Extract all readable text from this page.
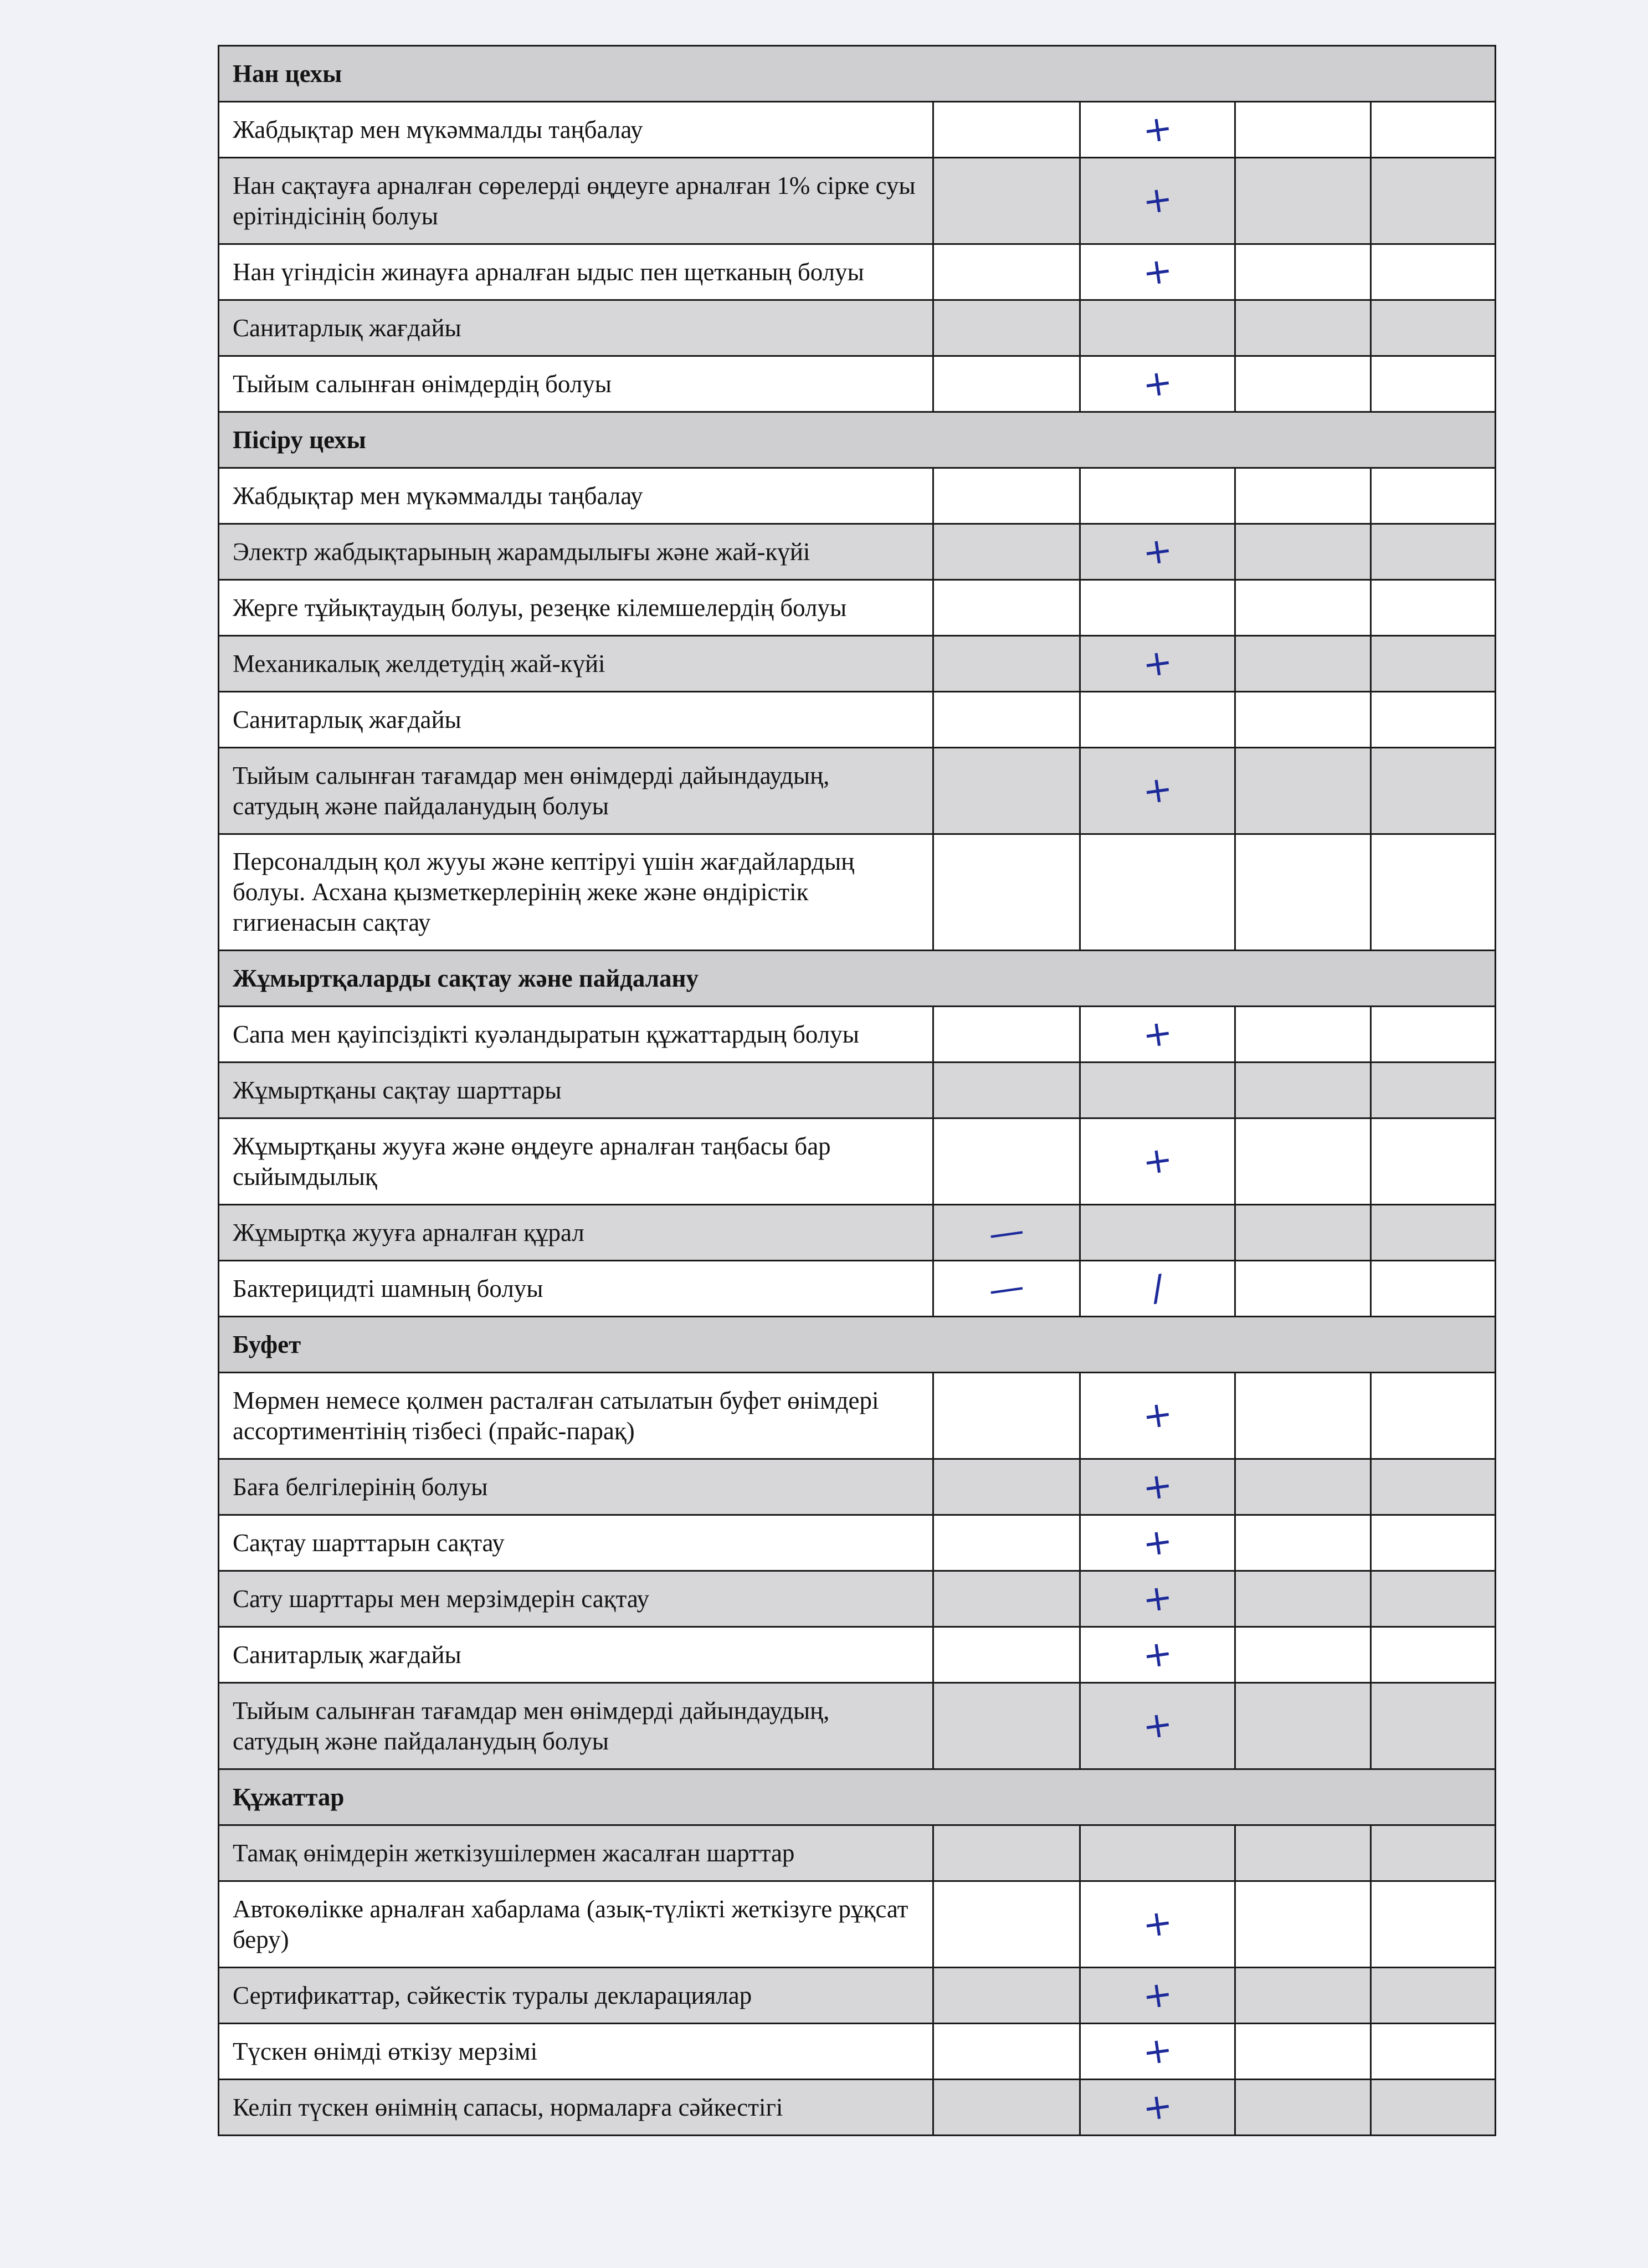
Нан цехы				
Жабдықтар мен мүкәммалды таңбалау		+		
Нан сақтауға арналған сөрелерді өңдеуге арналған 1% сірке суы ерітіндісінің болуы		+		
Нан үгіндісін жинауға арналған ыдыс пен щетканың болуы		+		
Санитарлық жағдайы				
Тыйым салынған өнімдердің болуы		+		
Пісіру цехы				
Жабдықтар мен мүкәммалды таңбалау				
Электр жабдықтарының жарамдылығы және жай-күйі		+		
Жерге тұйықтаудың болуы, резеңке кілемшелердің болуы				
Механикалық желдетудің жай-күйі		+		
Санитарлық жағдайы				
Тыйым салынған тағамдар мен өнімдерді дайындаудың, сатудың және пайдаланудың болуы		+		
Персоналдың қол жууы және кептіруі үшін жағдайлардың болуы. Асхана қызметкерлерінің жеке және өндірістік гигиенасын сақтау				
Жұмыртқаларды сақтау және пайдалану				
Сапа мен қауіпсіздікті куәландыратын құжаттардың болуы		+		
Жұмыртқаны сақтау шарттары				
Жұмыртқаны жууға және өңдеуге арналған таңбасы бар сыйымдылық		+		
Жұмыртқа жууға арналған құрал	—			
Бактерицидті шамның болуы	—	/		
Буфет				
Мөрмен немесе қолмен расталған сатылатын буфет өнімдері ассортиментінің тізбесі (прайс-парақ)		+		
Баға белгілерінің болуы		+		
Сақтау шарттарын сақтау		+		
Сату шарттары мен мерзімдерін сақтау		+		
Санитарлық жағдайы		+		
Тыйым салынған тағамдар мен өнімдерді дайындаудың, сатудың және пайдаланудың болуы		+		
Құжаттар				
Тамақ өнімдерін жеткізушілермен жасалған шарттар				
Автокөлікке арналған хабарлама (азық-түлікті жеткізуге рұқсат беру)		+		
Сертификаттар, сәйкестік туралы декларациялар		+		
Түскен өнімді өткізу мерзімі		+		
Келіп түскен өнімнің сапасы, нормаларға сәйкестігі		+		
